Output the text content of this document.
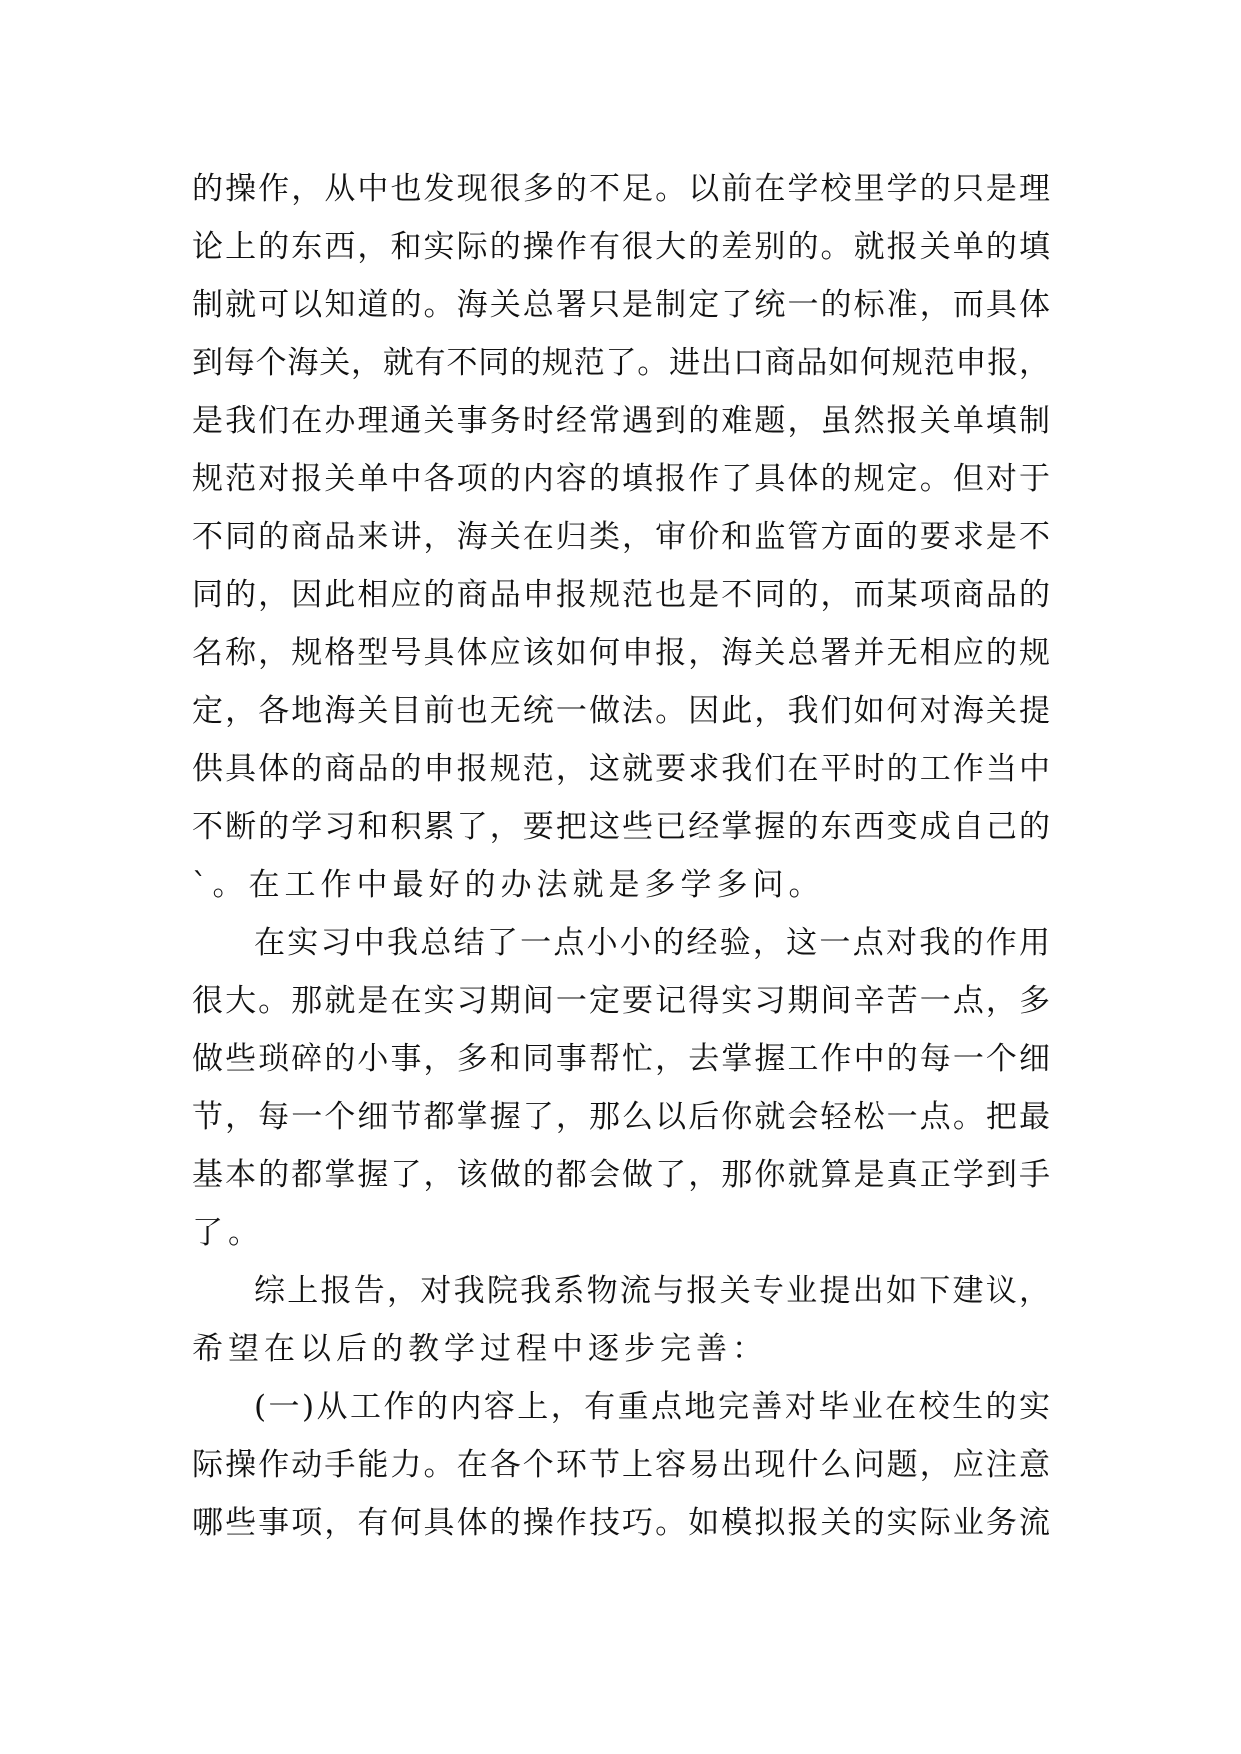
的操作，从中也发现很多的不足。以前在学校里学的只是理
论上的东西，和实际的操作有很大的差别的。就报关单的填
制就可以知道的。海关总署只是制定了统一的标准，而具体
到每个海关，就有不同的规范了。进出口商品如何规范申报，
是我们在办理通关事务时经常遇到的难题，虽然报关单填制
规范对报关单中各项的内容的填报作了具体的规定。但对于
不同的商品来讲，海关在归类，审价和监管方面的要求是不
同的，因此相应的商品申报规范也是不同的，而某项商品的
名称，规格型号具体应该如何申报，海关总署并无相应的规
定，各地海关目前也无统一做法。因此，我们如何对海关提
供具体的商品的申报规范，这就要求我们在平时的工作当中
不断的学习和积累了，要把这些已经掌握的东西变成自己的
`。在工作中最好的办法就是多学多问。
在实习中我总结了一点小小的经验，这一点对我的作用
很大。那就是在实习期间一定要记得实习期间辛苦一点，多
做些琐碎的小事，多和同事帮忙，去掌握工作中的每一个细
节，每一个细节都掌握了，那么以后你就会轻松一点。把最
基本的都掌握了，该做的都会做了，那你就算是真正学到手
了。
综上报告，对我院我系物流与报关专业提出如下建议，
希望在以后的教学过程中逐步完善：
(一)从工作的内容上，有重点地完善对毕业在校生的实
际操作动手能力。在各个环节上容易出现什么问题，应注意
哪些事项，有何具体的操作技巧。如模拟报关的实际业务流
